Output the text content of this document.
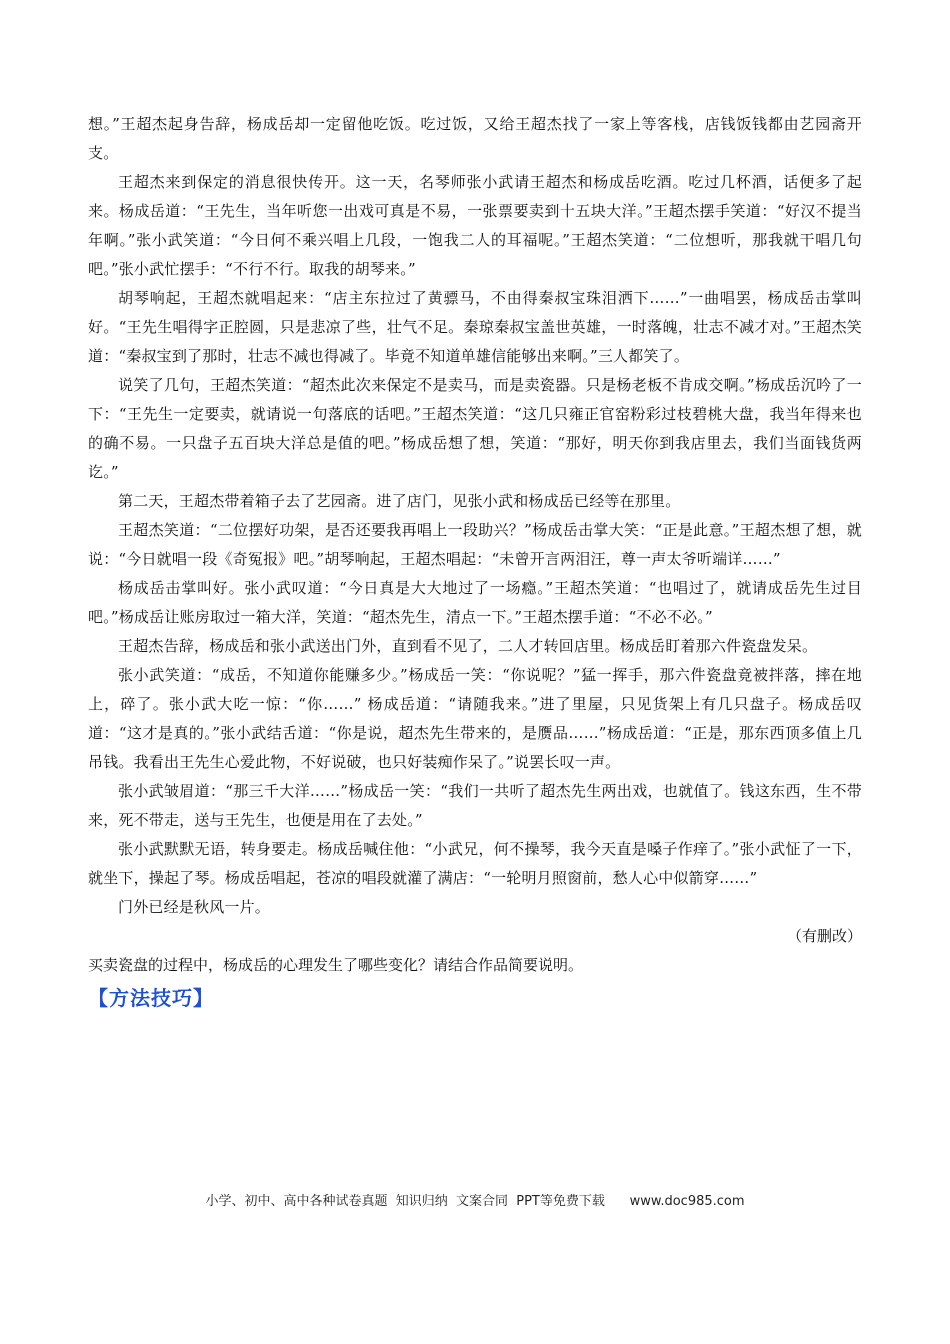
想。”王超杰起身告辞，杨成岳却一定留他吃饭。吃过饭，又给王超杰找了一家上等客栈，店钱饭钱都由艺园斋开支。

王超杰来到保定的消息很快传开。这一天，名琴师张小武请王超杰和杨成岳吃酒。吃过几杯酒，话便多了起来。杨成岳道：“王先生，当年听您一出戏可真是不易，一张票要卖到十五块大洋。”王超杰摆手笑道：“好汉不提当年啊。”张小武笑道：“今日何不乘兴唱上几段，一饱我二人的耳福呢。”王超杰笑道：“二位想听，那我就干唱几句吧。”张小武忙摆手：“不行不行。取我的胡琴来。”

胡琴响起，王超杰就唱起来：“店主东拉过了黄骠马，不由得秦叔宝珠泪洒下……”一曲唱罢，杨成岳击掌叫好。“王先生唱得字正腔圆，只是悲凉了些，壮气不足。秦琼秦叔宝盖世英雄，一时落魄，壮志不减才对。”王超杰笑道：“秦叔宝到了那时，壮志不减也得减了。毕竟不知道单雄信能够出来啊。”三人都笑了。

说笑了几句，王超杰笑道：“超杰此次来保定不是卖马，而是卖瓷器。只是杨老板不肯成交啊。”杨成岳沉吟了一下：“王先生一定要卖，就请说一句落底的话吧。”王超杰笑道：“这几只雍正官窑粉彩过枝碧桃大盘，我当年得来也的确不易。一只盘子五百块大洋总是值的吧。”杨成岳想了想，笑道：“那好，明天你到我店里去，我们当面钱货两讫。”

第二天，王超杰带着箱子去了艺园斋。进了店门，见张小武和杨成岳已经等在那里。

王超杰笑道：“二位摆好功架，是否还要我再唱上一段助兴？”杨成岳击掌大笑：“正是此意。”王超杰想了想，就说：“今日就唱一段《奇冤报》吧。”胡琴响起，王超杰唱起：“未曾开言两泪汪，尊一声太爷听端详……”

杨成岳击掌叫好。张小武叹道：“今日真是大大地过了一场瘾。”王超杰笑道：“也唱过了，就请成岳先生过目吧。”杨成岳让账房取过一箱大洋，笑道：“超杰先生，清点一下。”王超杰摆手道：“不必不必。”

王超杰告辞，杨成岳和张小武送出门外，直到看不见了，二人才转回店里。杨成岳盯着那六件瓷盘发呆。

张小武笑道：“成岳，不知道你能赚多少。”杨成岳一笑：“你说呢？”猛一挥手，那六件瓷盘竟被拌落，摔在地上，碎了。张小武大吃一惊：“你……” 杨成岳道：“请随我来。”进了里屋，只见货架上有几只盘子。杨成岳叹道：“这才是真的。”张小武结舌道：“你是说，超杰先生带来的，是赝品……”杨成岳道：“正是，那东西顶多值上几吊钱。我看出王先生心爱此物，不好说破，也只好装痴作呆了。”说罢长叹一声。

张小武皱眉道：“那三千大洋……”杨成岳一笑：“我们一共听了超杰先生两出戏，也就值了。钱这东西，生不带来，死不带走，送与王先生，也便是用在了去处。”

张小武默默无语，转身要走。杨成岳喊住他：“小武兄，何不操琴，我今天直是嗓子作痒了。”张小武怔了一下，就坐下，操起了琴。杨成岳唱起，苍凉的唱段就灌了满店：“一轮明月照窗前，愁人心中似箭穿……”

门外已经是秋风一片。

（有删改）

买卖瓷盘的过程中，杨成岳的心理发生了哪些变化？请结合作品简要说明。

【方法技巧】

小学、初中、高中各种试卷真题  知识归纳  文案合同  PPT等免费下载      www.doc985.com
